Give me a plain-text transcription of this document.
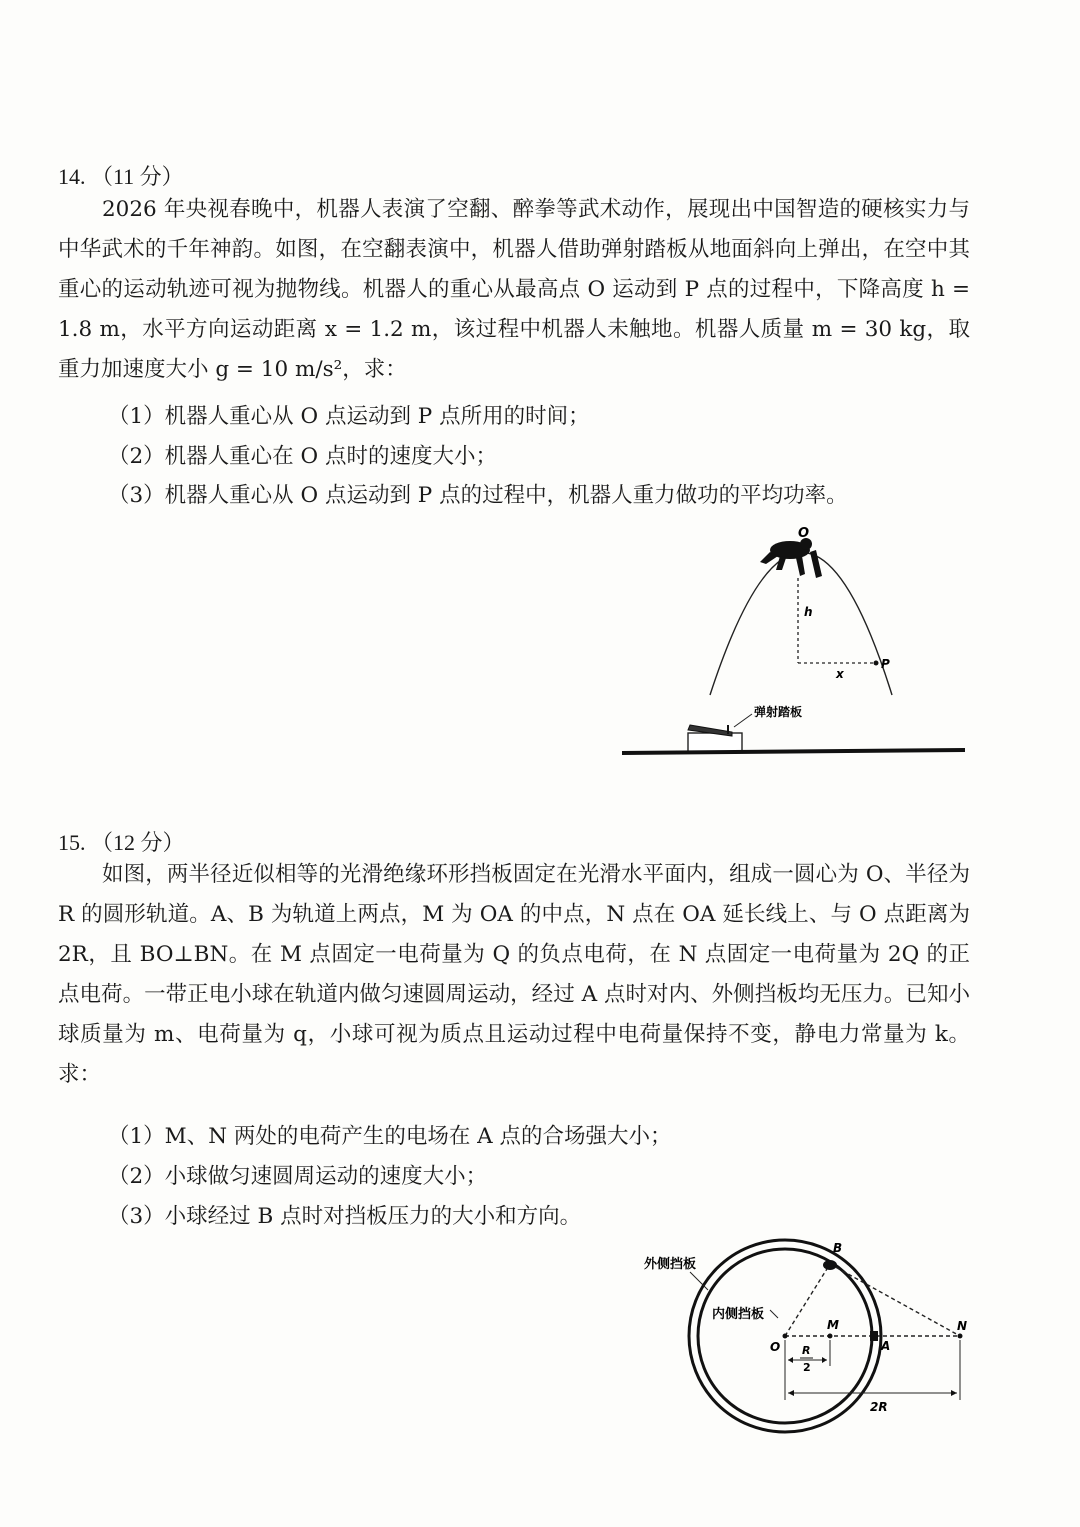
14. （11 分）

2026 年央视春晚中，机器人表演了空翻、醉拳等武术动作，展现出中国智造的硬核实力与中华武术的千年神韵。如图，在空翻表演中，机器人借助弹射踏板从地面斜向上弹出，在空中其重心的运动轨迹可视为抛物线。机器人的重心从最高点 O 运动到 P 点的过程中，下降高度 h = 1.8 m，水平方向运动距离 x = 1.2 m，该过程中机器人未触地。机器人质量 m = 30 kg，取重力加速度大小 g = 10 m/s²，求：

（1）机器人重心从 O 点运动到 P 点所用的时间；

（2）机器人重心在 O 点时的速度大小；

（3）机器人重心从 O 点运动到 P 点的过程中，机器人重力做功的平均功率。

O
h
P
x
弹射踏板
15. （12 分）

如图，两半径近似相等的光滑绝缘环形挡板固定在光滑水平面内，组成一圆心为 O、半径为 R 的圆形轨道。A、B 为轨道上两点，M 为 OA 的中点，N 点在 OA 延长线上、与 O 点距离为 2R，且 BO⊥BN。在 M 点固定一电荷量为 Q 的负点电荷，在 N 点固定一电荷量为 2Q 的正点电荷。一带正电小球在轨道内做匀速圆周运动，经过 A 点时对内、外侧挡板均无压力。已知小球质量为 m、电荷量为 q，小球可视为质点且运动过程中电荷量保持不变，静电力常量为 k。求：

（1）M、N 两处的电荷产生的电场在 A 点的合场强大小；

（2）小球做匀速圆周运动的速度大小；

（3）小球经过 B 点时对挡板压力的大小和方向。

外侧挡板
内侧挡板
B
O
M
A
N
R
2
2R
